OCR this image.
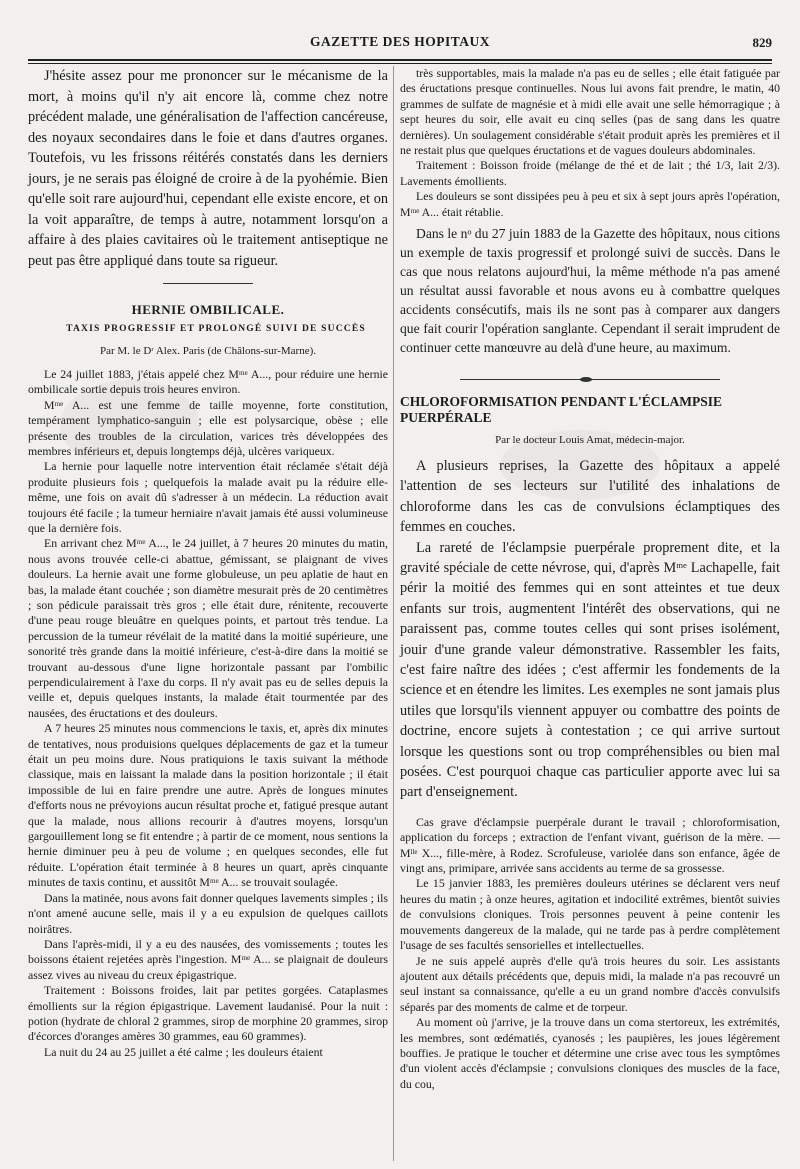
GAZETTE DES HOPITAUX	829

J'hésite assez pour me prononcer sur le mécanisme de la mort, à moins qu'il n'y ait encore là, comme chez notre précédent malade, une généralisation de l'affection cancéreuse, des noyaux secondaires dans le foie et dans d'autres organes. Toutefois, vu les frissons réitérés constatés dans les derniers jours, je ne serais pas éloigné de croire à de la pyohémie. Bien qu'elle soit rare aujourd'hui, cependant elle existe encore, et on la voit apparaître, de temps à autre, notamment lorsqu'on a affaire à des plaies cavitaires où le traitement antiseptique ne peut pas être appliqué dans toute sa rigueur.

HERNIE OMBILICALE.

TAXIS PROGRESSIF ET PROLONGÉ SUIVI DE SUCCÈS

Par M. le Dʳ Alex. Paris (de Châlons-sur-Marne).

Le 24 juillet 1883, j'étais appelé chez Mᵐᵉ A..., pour réduire une hernie ombilicale sortie depuis trois heures environ.

Mᵐᵉ A... est une femme de taille moyenne, forte constitution, tempérament lymphatico-sanguin ; elle est polysarcique, obèse ; elle présente des troubles de la circulation, varices très développées des membres inférieurs et, depuis longtemps déjà, ulcères variqueux.

La hernie pour laquelle notre intervention était réclamée s'était déjà produite plusieurs fois ; quelquefois la malade avait pu la réduire elle-même, une fois on avait dû s'adresser à un médecin. La réduction avait toujours été facile ; la tumeur herniaire n'avait jamais été aussi volumineuse que la dernière fois.

En arrivant chez Mᵐᵉ A..., le 24 juillet, à 7 heures 20 minutes du matin, nous avons trouvée celle-ci abattue, gémissant, se plaignant de vives douleurs. La hernie avait une forme globuleuse, un peu aplatie de haut en bas, la malade étant couchée ; son diamètre mesurait près de 20 centimètres ; son pédicule paraissait très gros ; elle était dure, rénitente, recouverte d'une peau rouge bleuâtre en quelques points, et partout très tendue. La percussion de la tumeur révélait de la matité dans la moitié supérieure, une sonorité très grande dans la moitié inférieure, c'est-à-dire dans la moitié se trouvant au-dessous d'une ligne horizontale passant par l'ombilic perpendiculairement à l'axe du corps. Il n'y avait pas eu de selles depuis la veille et, depuis quelques instants, la malade était tourmentée par des nausées, des éructations et des douleurs.

A 7 heures 25 minutes nous commencions le taxis, et, après dix minutes de tentatives, nous produisions quelques déplacements de gaz et la tumeur était un peu moins dure. Nous pratiquions le taxis suivant la méthode classique, mais en laissant la malade dans la position horizontale ; il était impossible de lui en faire prendre une autre. Après de longues minutes d'efforts nous ne prévoyions aucun résultat proche et, fatigué presque autant que la malade, nous allions recourir à d'autres moyens, lorsqu'un gargouillement long se fit entendre ; à partir de ce moment, nous sentions la hernie diminuer peu à peu de volume ; en quelques secondes, elle fut réduite. L'opération était terminée à 8 heures un quart, après cinquante minutes de taxis continu, et aussitôt Mᵐᵉ A... se trouvait soulagée.

Dans la matinée, nous avons fait donner quelques lavements simples ; ils n'ont amené aucune selle, mais il y a eu expulsion de quelques caillots noirâtres.

Dans l'après-midi, il y a eu des nausées, des vomissements ; toutes les boissons étaient rejetées après l'ingestion. Mᵐᵉ A... se plaignait de douleurs assez vives au niveau du creux épigastrique.

Traitement : Boissons froides, lait par petites gorgées. Cataplasmes émollients sur la région épigastrique. Lavement laudanisé. Pour la nuit : potion (hydrate de chloral 2 grammes, sirop de morphine 20 grammes, sirop d'écorces d'oranges amères 30 grammes, eau 60 grammes).

La nuit du 24 au 25 juillet a été calme ; les douleurs étaient

très supportables, mais la malade n'a pas eu de selles ; elle était fatiguée par des éructations presque continuelles. Nous lui avons fait prendre, le matin, 40 grammes de sulfate de magnésie et à midi elle avait une selle hémorragique ; à sept heures du soir, elle avait eu cinq selles (pas de sang dans les quatre dernières). Un soulagement considérable s'était produit après les premières et il ne restait plus que quelques éructations et de vagues douleurs abdominales.

Traitement : Boisson froide (mélange de thé et de lait ; thé 1/3, lait 2/3). Lavements émollients.

Les douleurs se sont dissipées peu à peu et six à sept jours après l'opération, Mᵐᵉ A... était rétablie.

Dans le nᵒ du 27 juin 1883 de la Gazette des hôpitaux, nous citions un exemple de taxis progressif et prolongé suivi de succès. Dans le cas que nous relatons aujourd'hui, la même méthode n'a pas amené un résultat aussi favorable et nous avons eu à combattre quelques accidents consécutifs, mais ils ne sont pas à comparer aux dangers que fait courir l'opération sanglante. Cependant il serait imprudent de continuer cette manœuvre au delà d'une heure, au maximum.

CHLOROFORMISATION PENDANT L'ÉCLAMPSIE PUERPÉRALE

Par le docteur Louis Amat, médecin-major.

A plusieurs reprises, la Gazette des hôpitaux a appelé l'attention de ses lecteurs sur l'utilité des inhalations de chloroforme dans les cas de convulsions éclamptiques des femmes en couches.

La rareté de l'éclampsie puerpérale proprement dite, et la gravité spéciale de cette névrose, qui, d'après Mᵐᵉ Lachapelle, fait périr la moitié des femmes qui en sont atteintes et tue deux enfants sur trois, augmentent l'intérêt des observations, qui ne paraissent pas, comme toutes celles qui sont prises isolément, jouir d'une grande valeur démonstrative. Rassembler les faits, c'est faire naître des idées ; c'est affermir les fondements de la science et en étendre les limites. Les exemples ne sont jamais plus utiles que lorsqu'ils viennent appuyer ou combattre des points de doctrine, encore sujets à contestation ; ce qui arrive surtout lorsque les questions sont ou trop compréhensibles ou bien mal posées. C'est pourquoi chaque cas particulier apporte avec lui sa part d'enseignement.

Cas grave d'éclampsie puerpérale durant le travail ; chloroformisation, application du forceps ; extraction de l'enfant vivant, guérison de la mère. — Mˡˡᵉ X..., fille-mère, à Rodez. Scrofuleuse, variolée dans son enfance, âgée de vingt ans, primipare, arrivée sans accidents au terme de sa grossesse.

Le 15 janvier 1883, les premières douleurs utérines se déclarent vers neuf heures du matin ; à onze heures, agitation et indocilité extrêmes, bientôt suivies de convulsions cloniques. Trois personnes peuvent à peine contenir les mouvements dangereux de la malade, qui ne tarde pas à perdre complètement l'usage de ses facultés sensorielles et intellectuelles.

Je ne suis appelé auprès d'elle qu'à trois heures du soir. Les assistants ajoutent aux détails précédents que, depuis midi, la malade n'a pas recouvré un seul instant sa connaissance, qu'elle a eu un grand nombre d'accès convulsifs séparés par des moments de calme et de torpeur.

Au moment où j'arrive, je la trouve dans un coma stertoreux, les extrémités, les membres, sont œdématiés, cyanosés ; les paupières, les joues légèrement bouffies. Je pratique le toucher et détermine une crise avec tous les symptômes d'un violent accès d'éclampsie ; convulsions cloniques des muscles de la face, du cou,
